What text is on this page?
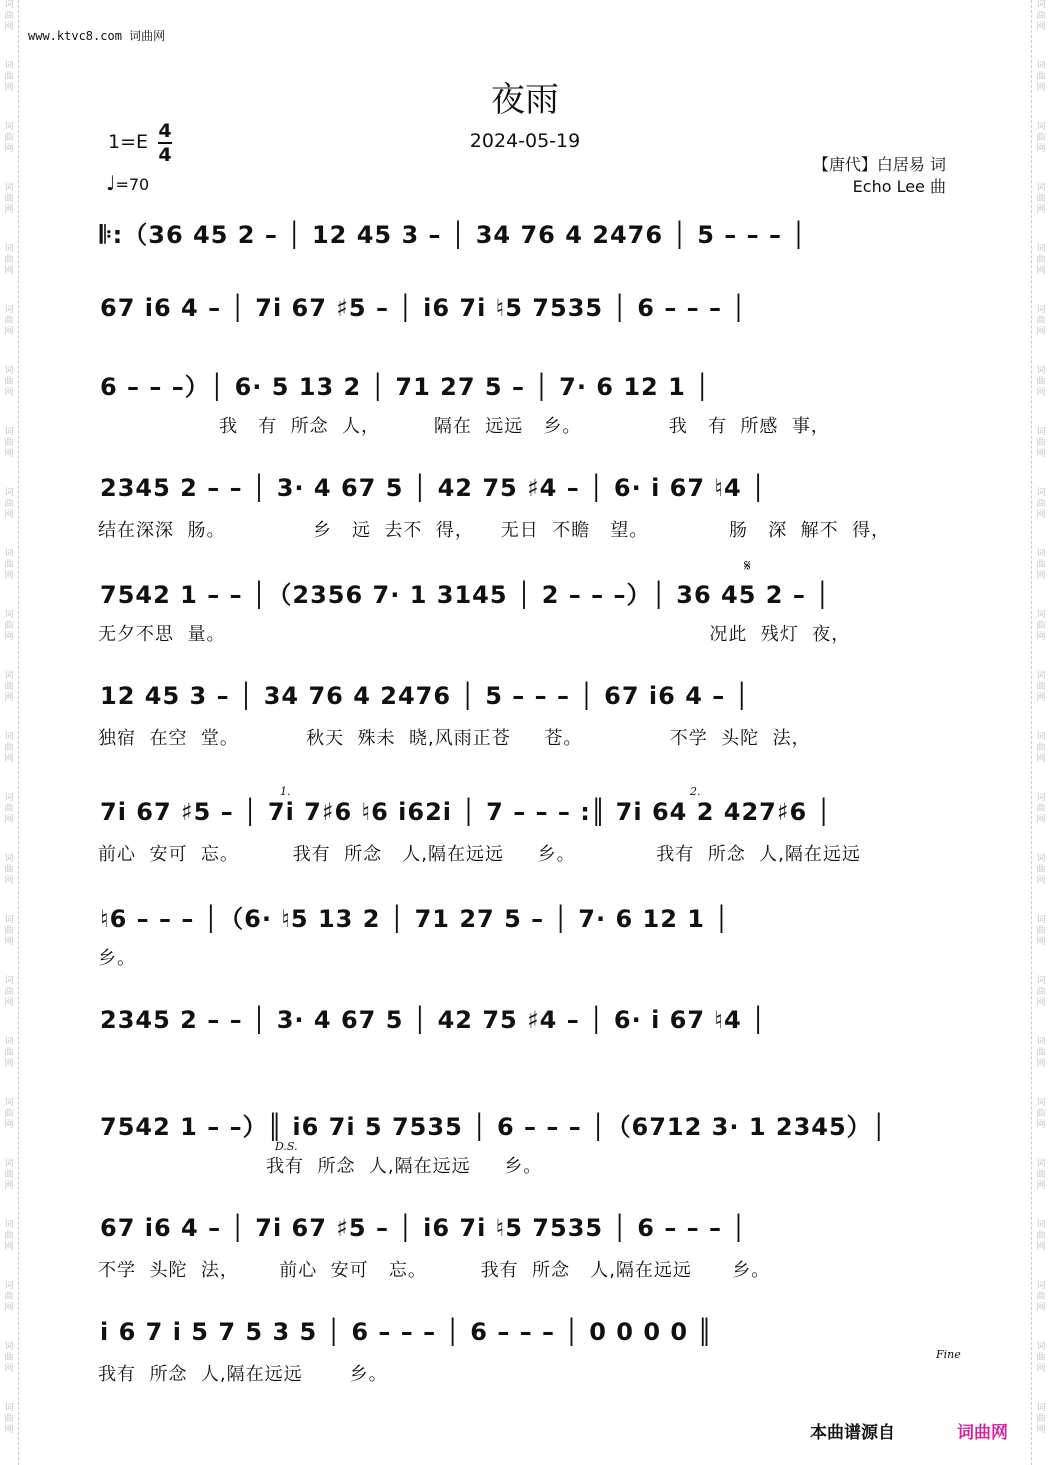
词
曲
网
词
曲
网
词
曲
网
词
曲
网
词
曲
网
词
曲
网
词
曲
网
词
曲
网
词
曲
网
词
曲
网
词
曲
网
词
曲
网
词
曲
网
词
曲
网
词
曲
网
词
曲
网
词
曲
网
词
曲
网
词
曲
网
词
曲
网
词
曲
网
词
曲
网
词
曲
网
词
曲
网
词
曲
网
词
曲
网
词
曲
网
词
曲
网
词
曲
网
词
曲
网
词
曲
网
词
曲
网
词
曲
网
词
曲
网
词
曲
网
词
曲
网
词
曲
网
词
曲
网
词
曲
网
词
曲
网
词
曲
网
词
曲
网
词
曲
网
词
曲
网
词
曲
网
词
曲
网
词
曲
网
词
曲
网
www.ktvc8.com 词曲网
夜雨
2024-05-19
1=E 4
4
♩=70
【唐代】白居易 词
Echo Lee 曲
𝄆:（36 45 2 – │ 12 45 3 – │ 34 76 4 2476 │ 5 – – – │
67 i6 4 – │ 7i 67 ♯5 – │ i6 7i ♮5 7535 │ 6 – – – │
6 – – –）│ 6· 5 13 2 │ 71 27 5 – │ 7· 6 12 1 │
我   有  所念  人，        隔在  远远   乡。             我   有  所感  事，
2345 2 – – │ 3· 4 67 5 │ 42 75 ♯4 – │ 6· i 67 ♮4 │
结在深深  肠。             乡   远  去不  得，    无日  不瞻   望。            肠   深  解不  得，
7542 1 – – │（2356 7· 1 3145 │ 2 – – –）│ 36 45 2 – │
无夕不思  量。                                                                        况此  残灯  夜，
12 45 3 – │ 34 76 4 2476 │ 5 – – – │ 67 i6 4 – │
独宿  在空  堂。          秋天  殊未  晓,风雨正苍     苍。             不学  头陀  法，
7i 67 ♯5 – │ 7i 7♯6 ♮6 i62i │ 7 – – – :║ 7i 64 2 427♯6 │
前心  安可  忘。        我有  所念   人,隔在远远     乡。            我有  所念  人,隔在远远
♮6 – – – │（6· ♮5 13 2 │ 71 27 5 – │ 7· 6 12 1 │
乡。
2345 2 – – │ 3· 4 67 5 │ 42 75 ♯4 – │ 6· i 67 ♮4 │
7542 1 – –）║ i6 7i 5 7535 │ 6 – – – │（6712 3· 1 2345）│
我有  所念  人,隔在远远     乡。
67 i6 4 – │ 7i 67 ♯5 – │ i6 7i ♮5 7535 │ 6 – – – │
不学  头陀  法，      前心  安可   忘。        我有  所念   人,隔在远远      乡。
i 6 7 i 5 7 5 3 5 │ 6 – – – │ 6 – – – │ 0 0 0 0 ║
我有  所念  人,隔在远远       乡。
1.	2.
D.S.
Fine
𝄋
本曲谱源自	词曲网
